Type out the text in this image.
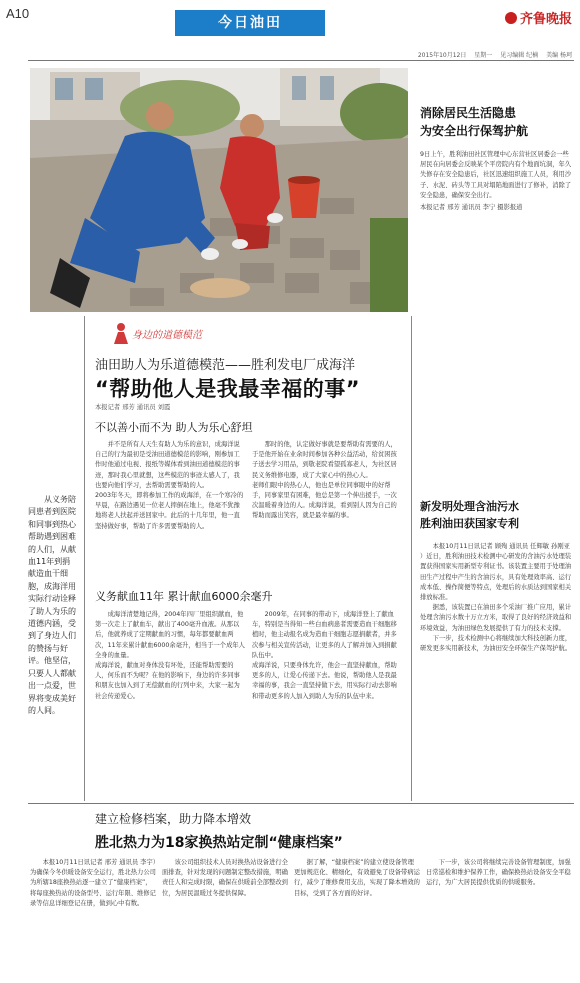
A10
今日油田	齐鲁晚报
2015年10月12日 星期一 见习编辑 纪楠 美编 杨珂
消除居民生活隐患
为安全出行保驾护航
9日上午，胜利油田社区管理中心东营社区居委会一些居民在向居委会反映某个平房院内有个地面坑洞，年久失修存在安全隐患后，社区迅速组织施工人员，利用沙子、水泥、砖头等工具对塌陷地面进行了修补，消除了安全隐患，确保安全出行。
本报记者 邢芳 通讯员 李宁 摄影报道
身边的道德模范
油田助人为乐道德模范——胜利发电厂成海洋
“帮助他人是我最幸福的事”
本报记者 邢芳 通讯员 刘霞
不以善小而不为 助人为乐心舒坦
并不是所有人天生有助人为乐的意识，成海洋说自己的行为最初是受油田道德模范的影响，刚参加工作时他通过电视、报纸等媒体看到油田道德模范的事迹，那时我心里就想，这些模范的事迹太感人了，我也要向他们学习，去帮助需要帮助的人。
2003年冬天，即将参加工作的成海洋，在一个寒冷的早晨，在路边遇见一位老人摔倒在地上，他毫不犹豫地将老人扶起并送回家中。此后的十几年里，他一直坚持做好事，帮助了许多需要帮助的人。
那时的他，认定做好事就是要帮助有需要的人，于是他开始在业余时间参加各种公益活动，给贫困孩子送去学习用品，到敬老院看望孤寡老人，为社区居民义务维修电器，成了大家心中的热心人。
老师们眼中的热心人，他也是单位同事眼中的好帮手，同事家里有困难，他总是第一个伸出援手，一次次温暖着身边的人。成海洋说，看到别人因为自己的帮助而露出笑容，就是最幸福的事。
义务献血11年 累计献血6000余毫升
成海洋清楚地记得，2004年四厂里组织献血，他第一次走上了献血车，献出了400毫升血液。从那以后，他就养成了定期献血的习惯，每年都要献血两次，11年来累计献血6000余毫升，相当于一个成年人全身的血量。
成海洋说，献血对身体没有坏处，还能帮助需要的人，何乐而不为呢？在他的影响下，身边的许多同事和朋友也加入到了无偿献血的行列中来，大家一起为社会传递爱心。
2009年，在同事的带动下，成海洋登上了献血车，特别是当得知一些白血病患者需要造血干细胞移植时，他主动报名成为造血干细胞志愿捐献者，并多次参与相关宣传活动，让更多的人了解并加入到捐献队伍中。
成海洋说，只要身体允许，他会一直坚持献血，帮助更多的人，让爱心传递下去。他说，帮助他人是我最幸福的事，我会一直坚持做下去，用实际行动去影响和带动更多的人加入到助人为乐的队伍中来。
从义务陪同患者到医院和同事到热心帮助遇到困难的人们，从献血11年到捐献造血干细胞，成海洋用实际行动诠释了助人为乐的道德内涵，受到了身边人们的赞扬与好评。他坚信，只要人人都献出一点爱，世界将变成美好的人间。
新发明处理含油污水
胜利油田获国家专利

本报10月11日讯记者 顾殉 通讯员 任辉敏 孙刚亚 ）近日，胜利油田技术检测中心研发的含油污水处理装置获得国家实用新型专利证书。该装置主要用于处理油田生产过程中产生的含油污水，具有处理效率高、运行成本低、操作简便等特点，处理后的水质达到国家相关排放标准。

据悉，该装置已在油田多个采油厂推广应用，累计处理含油污水数十万立方米，取得了良好的经济效益和环境效益，为油田绿色发展提供了有力的技术支撑。

下一步，技术检测中心将继续加大科技创新力度，研发更多实用新技术，为油田安全环保生产保驾护航。

建立检修档案，助力降本增效
胜北热力为18家换热站定制“健康档案”
本报10月11日讯记者 邢芳 通讯员 李宇）为确保今冬供暖设备安全运行，胜北热力公司为所辖18座换热站逐一建立了“健康档案”，将每座换热站的设备型号、运行年限、维修记录等信息详细登记在册，做到心中有数。
该公司组织技术人员对换热站设备进行全面排查，针对发现的问题制定整改措施，明确责任人和完成时限，确保在供暖前全部整改到位，为居民温暖过冬提供保障。
据了解，“健康档案”的建立使设备管理更加规范化、精细化，有效避免了设备带病运行，减少了维修费用支出，实现了降本增效的目标，受到了各方面的好评。
下一步，该公司将继续完善设备管理制度，加强日常巡检和维护保养工作，确保换热站设备安全平稳运行，为广大居民提供优质的供暖服务。
